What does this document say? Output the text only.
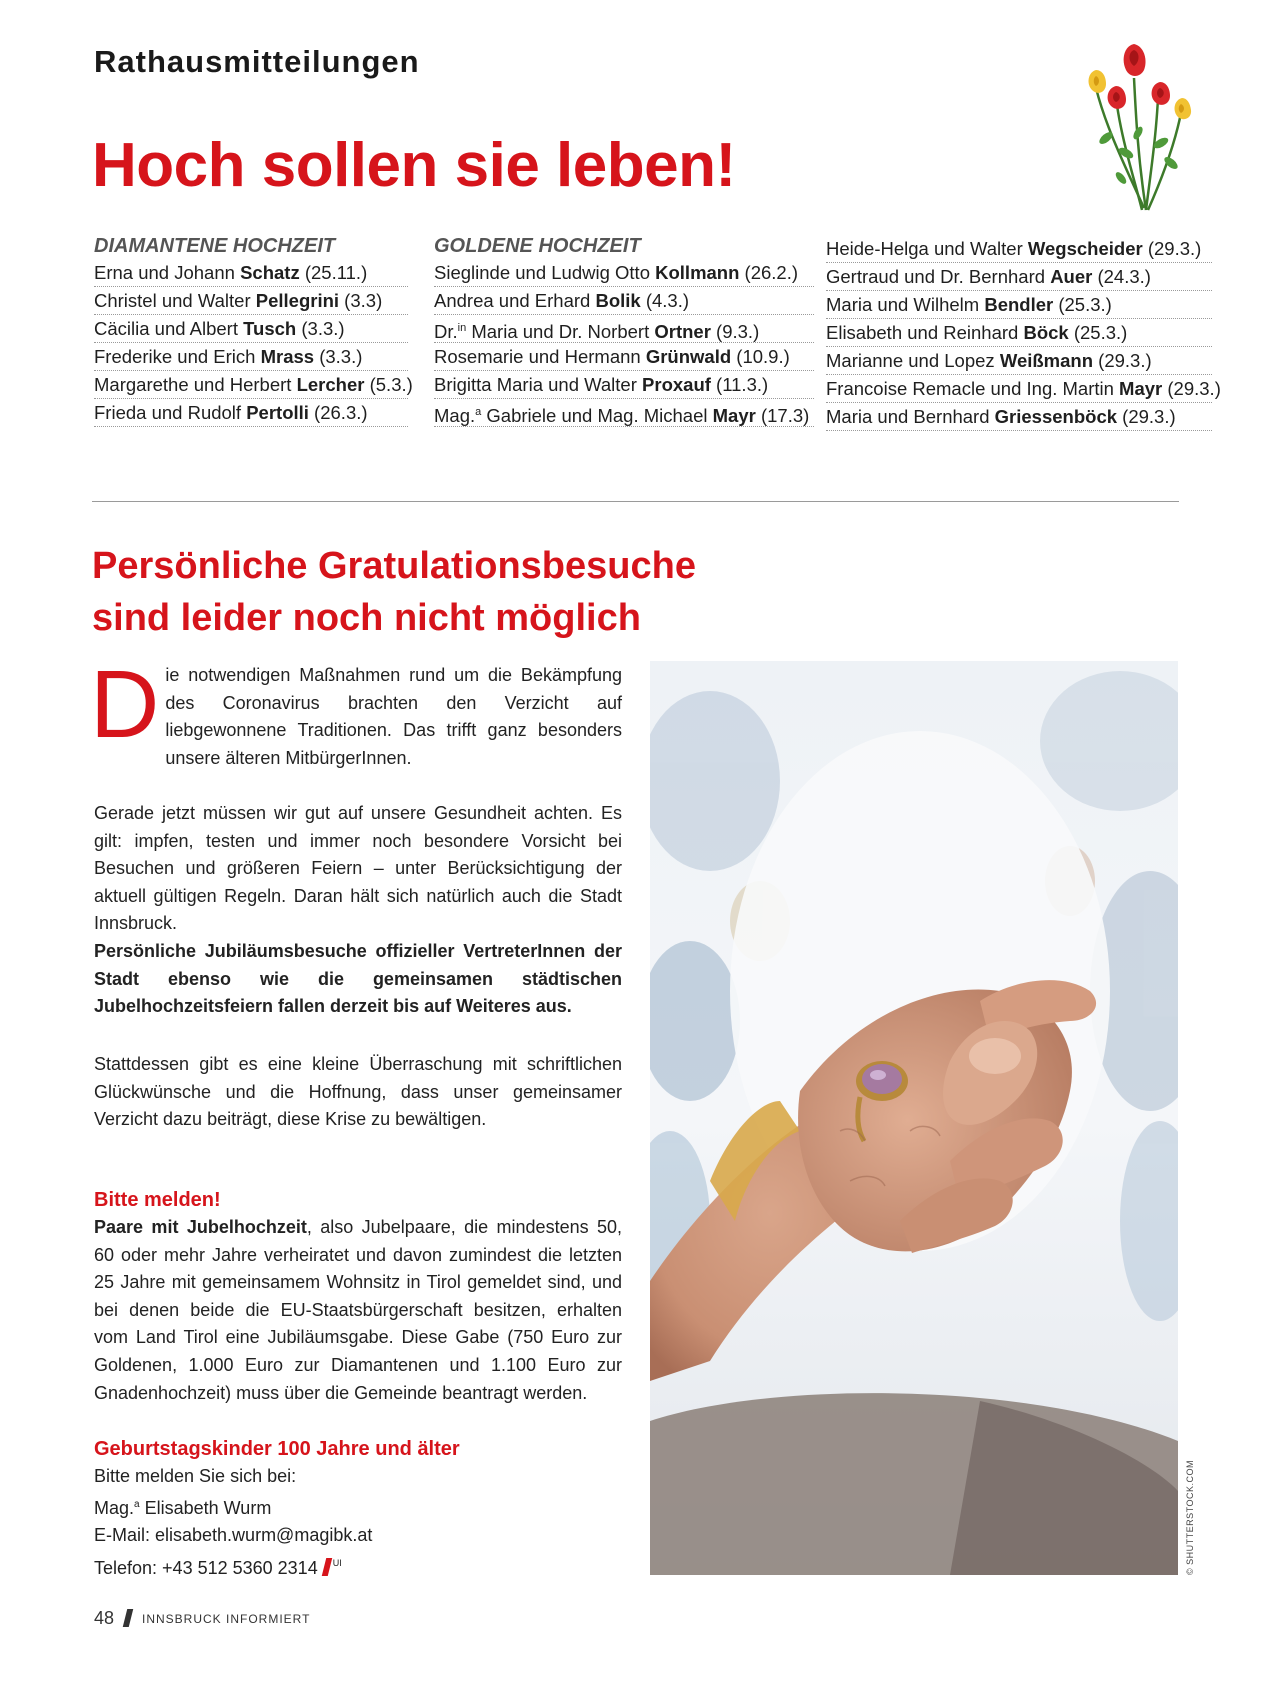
Rathausmitteilungen
Hoch sollen sie leben!
DIAMANTENE HOCHZEIT
Erna und Johann Schatz (25.11.)
Christel und Walter Pellegrini (3.3)
Cäcilia und Albert Tusch (3.3.)
Frederike und Erich Mrass (3.3.)
Margarethe und Herbert Lercher (5.3.)
Frieda und Rudolf Pertolli (26.3.)
GOLDENE HOCHZEIT
Sieglinde und Ludwig Otto Kollmann (26.2.)
Andrea und Erhard Bolik (4.3.)
Dr.$^{in}$ Maria und Dr. Norbert Ortner (9.3.)
Rosemarie und Hermann Grünwald (10.9.)
Brigitta Maria und Walter Proxauf (11.3.)
Mag.$^a$ Gabriele und Mag. Michael Mayr (17.3)
Heide-Helga und Walter Wegscheider (29.3.)
Gertraud und Dr. Bernhard Auer (24.3.)
Maria und Wilhelm Bendler (25.3.)
Elisabeth und Reinhard Böck (25.3.)
Marianne und Lopez Weißmann (29.3.)
Francoise Remacle und Ing. Martin Mayr (29.3.)
Maria und Bernhard Griessenböck (29.3.)
Persönliche Gratulationsbesuche
sind leider noch nicht möglich
Die notwendigen Maßnahmen rund um die Bekämpfung des Coronavirus brachten den Verzicht auf liebgewonnene Traditionen. Das trifft ganz besonders unsere älteren MitbürgerInnen.
Gerade jetzt müssen wir gut auf unsere Gesundheit achten. Es gilt: impfen, testen und immer noch besondere Vorsicht bei Besuchen und größeren Feiern – unter Berücksichtigung der aktuell gültigen Regeln. Daran hält sich natürlich auch die Stadt Innsbruck.
Persönliche Jubiläumsbesuche offizieller VertreterInnen der Stadt ebenso wie die gemeinsamen städtischen Jubelhochzeitsfeiern fallen derzeit bis auf Weiteres aus.
Stattdessen gibt es eine kleine Überraschung mit schriftlichen Glückwünsche und die Hoffnung, dass unser gemeinsamer Verzicht dazu beiträgt, diese Krise zu bewältigen.
Bitte melden!
Paare mit Jubelhochzeit, also Jubelpaare, die mindestens 50, 60 oder mehr Jahre verheiratet und davon zumindest die letzten 25 Jahre mit gemeinsamem Wohnsitz in Tirol gemeldet sind, und bei denen beide die EU-Staatsbürgerschaft besitzen, erhalten vom Land Tirol eine Jubiläumsgabe. Diese Gabe (750 Euro zur Goldenen, 1.000 Euro zur Diamantenen und 1.100 Euro zur Gnadenhochzeit) muss über die Gemeinde beantragt werden.
Geburtstagskinder 100 Jahre und älter
Bitte melden Sie sich bei:
Mag.$^a$ Elisabeth Wurm
E-Mail: elisabeth.wurm@magibk.at
Telefon: +43 512 5360 2314 $^{UI}$	© SHUTTERSTOCK.COM
48 INNSBRUCK INFORMIERT
